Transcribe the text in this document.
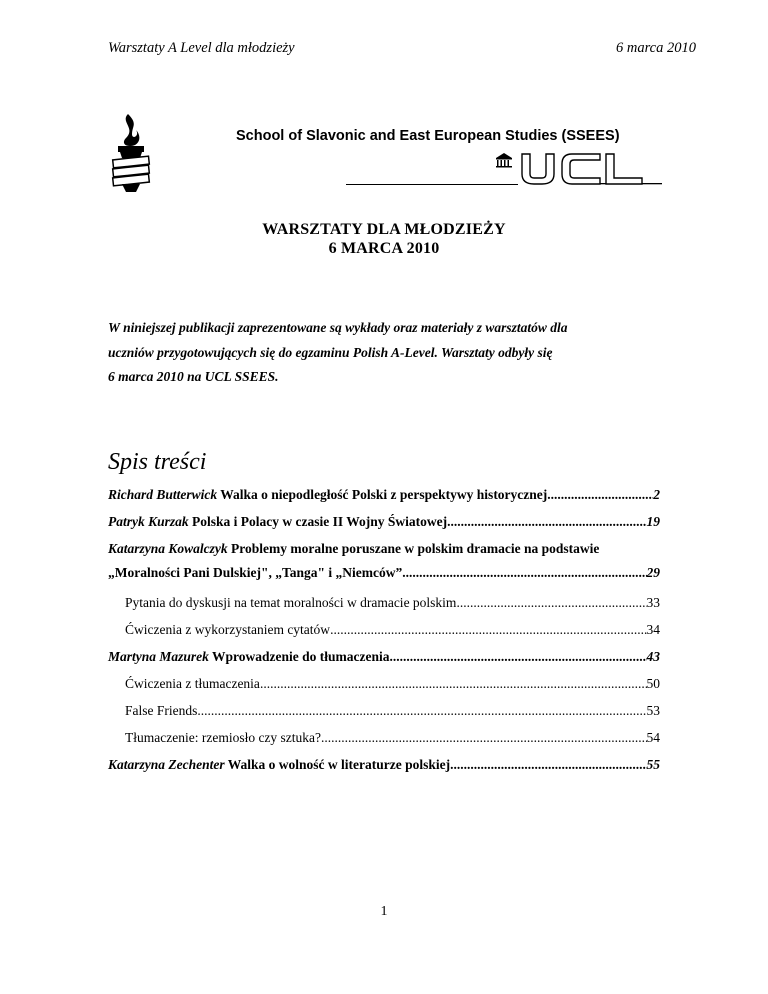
Warsztaty A Level dla młodzieży	6 marca 2010
School of Slavonic and East European Studies (SSEES)
WARSZTATY DLA MŁODZIEŻY
6 MARCA 2010
W niniejszej publikacji zaprezentowane są wykłady oraz materiały z warsztatów dla
uczniów przygotowujących się do egzaminu Polish A-Level. Warsztaty odbyły się
6 marca 2010 na UCL SSEES.
Spis treści
Richard Butterwick Walka o niepodległość Polski z perspektywy historycznej .....	2
Patryk Kurzak Polska i Polacy w czasie II Wojny Światowej .....	19
Katarzyna Kowalczyk Problemy moralne poruszane w polskim dramacie na podstawie
„Moralności Pani Dulskiej", „Tanga" i „Niemców” .....	29
Pytania do dyskusji na temat moralności w dramacie polskim .....	33
Ćwiczenia z wykorzystaniem cytatów .....	34
Martyna Mazurek Wprowadzenie do tłumaczenia .....	43
Ćwiczenia z tłumaczenia .....	50
False Friends .....	53
Tłumaczenie: rzemiosło czy sztuka? .....	54
Katarzyna Zechenter Walka o wolność w literaturze polskiej .....	55
1
